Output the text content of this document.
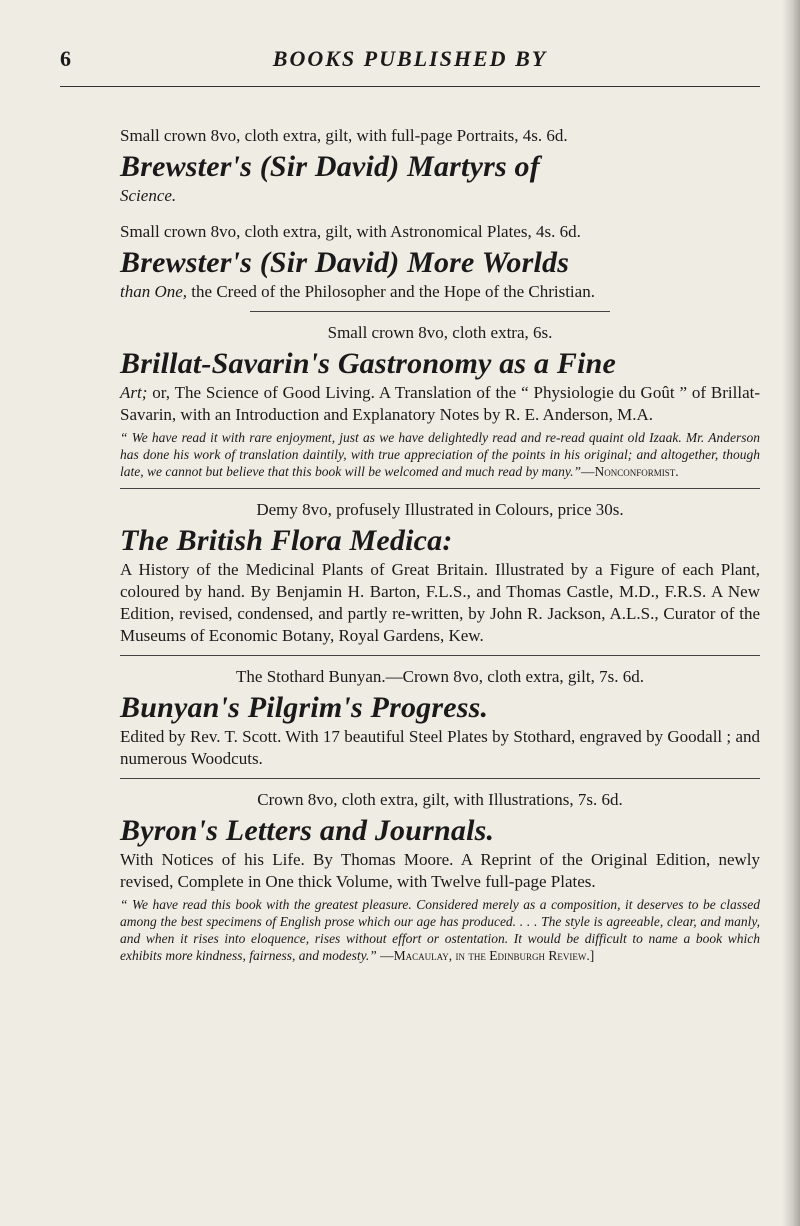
6	BOOKS PUBLISHED BY

Small crown 8vo, cloth extra, gilt, with full-page Portraits, 4s. 6d.

Brewster's (Sir David) Martyrs of

Science.

Small crown 8vo, cloth extra, gilt, with Astronomical Plates, 4s. 6d.

Brewster's (Sir David) More Worlds

than One, the Creed of the Philosopher and the Hope of the Christian.

Small crown 8vo, cloth extra, 6s.

Brillat-Savarin's Gastronomy as a Fine

Art; or, The Science of Good Living. A Translation of the “ Physiologie du Goût ” of Brillat-Savarin, with an Introduction and Explanatory Notes by R. E. Anderson, M.A.

“ We have read it with rare enjoyment, just as we have delightedly read and re-read quaint old Izaak. Mr. Anderson has done his work of translation daintily, with true appreciation of the points in his original; and altogether, though late, we cannot but believe that this book will be welcomed and much read by many.”—Nonconformist.

Demy 8vo, profusely Illustrated in Colours, price 30s.

The British Flora Medica:

A History of the Medicinal Plants of Great Britain. Illustrated by a Figure of each Plant, coloured by hand. By Benjamin H. Barton, F.L.S., and Thomas Castle, M.D., F.R.S. A New Edition, revised, condensed, and partly re-written, by John R. Jackson, A.L.S., Curator of the Museums of Economic Botany, Royal Gardens, Kew.

The Stothard Bunyan.—Crown 8vo, cloth extra, gilt, 7s. 6d.

Bunyan's Pilgrim's Progress.

Edited by Rev. T. Scott. With 17 beautiful Steel Plates by Stothard, engraved by Goodall ; and numerous Woodcuts.

Crown 8vo, cloth extra, gilt, with Illustrations, 7s. 6d.

Byron's Letters and Journals.

With Notices of his Life. By Thomas Moore. A Reprint of the Original Edition, newly revised, Complete in One thick Volume, with Twelve full-page Plates.

“ We have read this book with the greatest pleasure. Considered merely as a composition, it deserves to be classed among the best specimens of English prose which our age has produced. . . . The style is agreeable, clear, and manly, and when it rises into eloquence, rises without effort or ostentation. It would be difficult to name a book which exhibits more kindness, fairness, and modesty.” —Macaulay, in the Edinburgh Review.]
